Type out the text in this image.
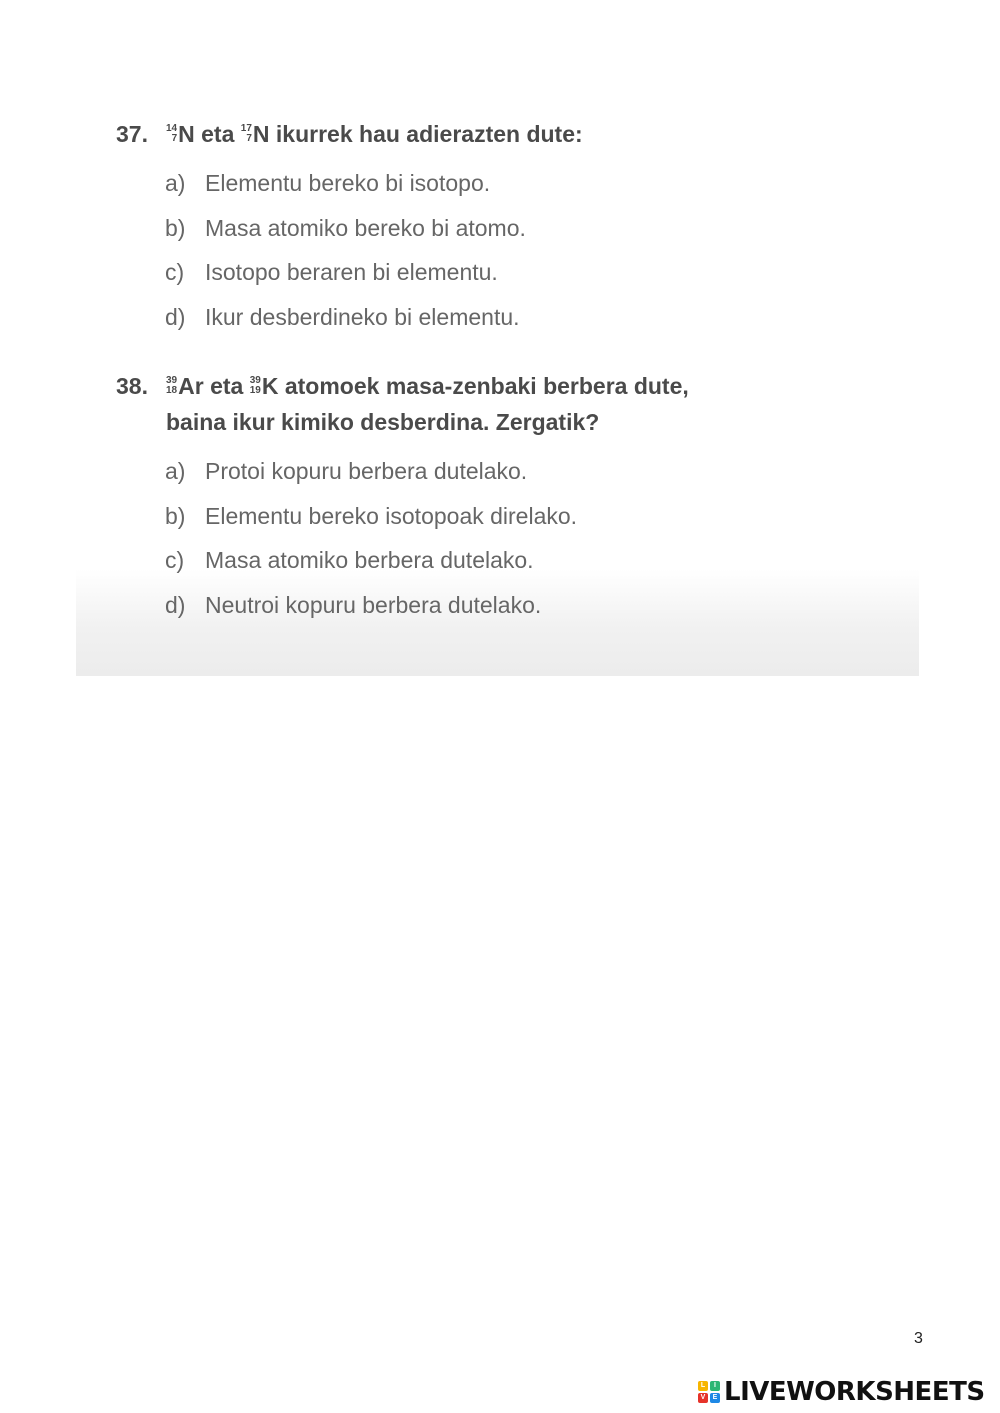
37. 14
7 N eta 17
7 N ikurrek hau adierazten dute:
a) Elementu bereko bi isotopo.
b) Masa atomiko bereko bi atomo.
c) Isotopo beraren bi elementu.
d) Ikur desberdineko bi elementu.
38. 39
18 Ar eta 39
19 K atomoek masa-zenbaki berbera dute,
baina ikur kimiko desberdina. Zergatik?
a) Protoi kopuru berbera dutelako.
b) Elementu bereko isotopoak direlako.
c) Masa atomiko berbera dutelako.
d) Neutroi kopuru berbera dutelako.
3
L	I
V	E LIVEWORKSHEETS
